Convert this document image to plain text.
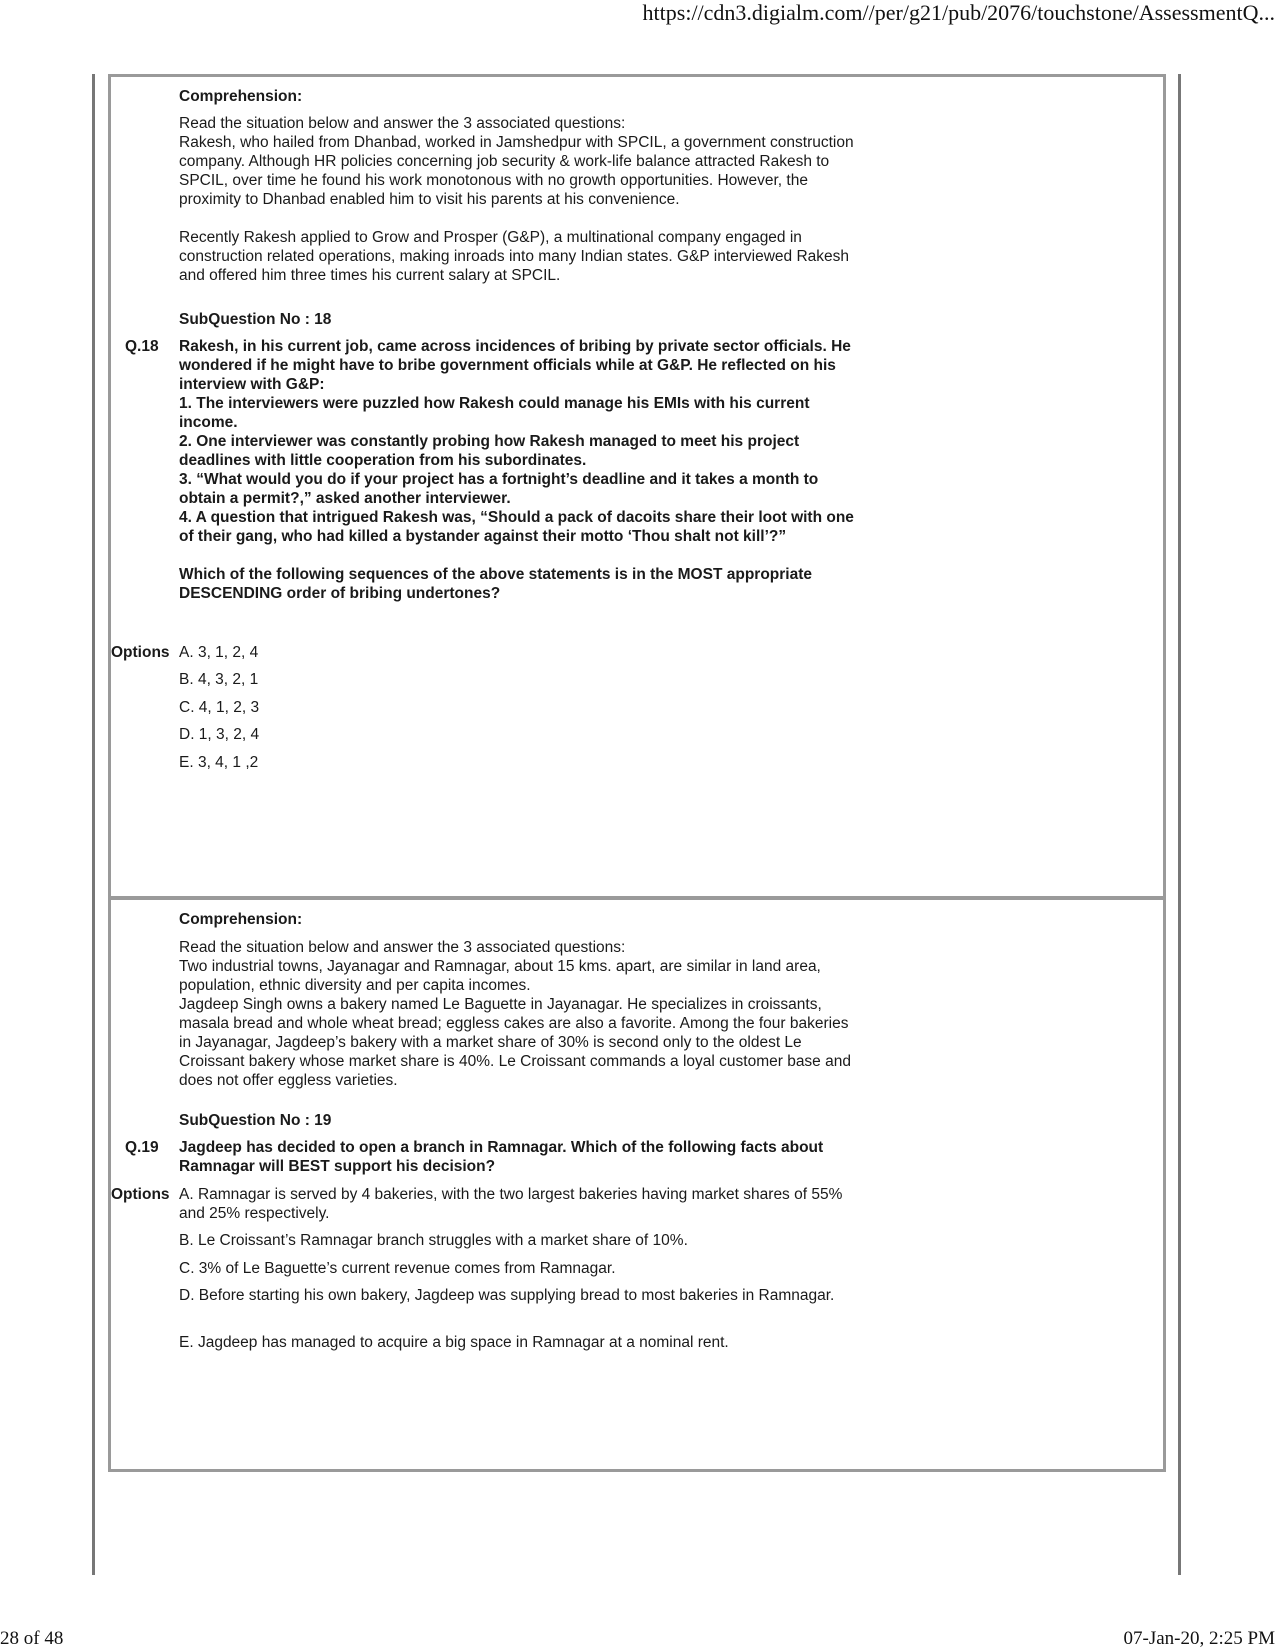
https://cdn3.digialm.com//per/g21/pub/2076/touchstone/AssessmentQ...
Comprehension:

Read the situation below and answer the 3 associated questions:

Rakesh, who hailed from Dhanbad, worked in Jamshedpur with SPCIL, a government construction company. Although HR policies concerning job security & work-life balance attracted Rakesh to SPCIL, over time he found his work monotonous with no growth opportunities. However, the proximity to Dhanbad enabled him to visit his parents at his convenience.

Recently Rakesh applied to Grow and Prosper (G&P), a multinational company engaged in construction related operations, making inroads into many Indian states. G&P interviewed Rakesh and offered him three times his current salary at SPCIL.

SubQuestion No : 18
Q.18 Rakesh, in his current job, came across incidences of bribing by private sector officials. He wondered if he might have to bribe government officials while at G&P. He reflected on his interview with G&P:
1. The interviewers were puzzled how Rakesh could manage his EMIs with his current income.
2. One interviewer was constantly probing how Rakesh managed to meet his project deadlines with little cooperation from his subordinates.
3. “What would you do if your project has a fortnight’s deadline and it takes a month to obtain a permit?,” asked another interviewer.
4. A question that intrigued Rakesh was, “Should a pack of dacoits share their loot with one of their gang, who had killed a bystander against their motto ‘Thou shalt not kill’?”
Which of the following sequences of the above statements is in the MOST appropriate DESCENDING order of bribing undertones?
Options A. 3, 1, 2, 4
B. 4, 3, 2, 1
C. 4, 1, 2, 3
D. 1, 3, 2, 4
E. 3, 4, 1 ,2
Comprehension:

Read the situation below and answer the 3 associated questions:

Two industrial towns, Jayanagar and Ramnagar, about 15 kms. apart, are similar in land area, population, ethnic diversity and per capita incomes.

Jagdeep Singh owns a bakery named Le Baguette in Jayanagar. He specializes in croissants, masala bread and whole wheat bread; eggless cakes are also a favorite. Among the four bakeries in Jayanagar, Jagdeep’s bakery with a market share of 30% is second only to the oldest Le Croissant bakery whose market share is 40%. Le Croissant commands a loyal customer base and does not offer eggless varieties.

SubQuestion No : 19
Q.19 Jagdeep has decided to open a branch in Ramnagar. Which of the following facts about Ramnagar will BEST support his decision?
Options A. Ramnagar is served by 4 bakeries, with the two largest bakeries having market shares of 55% and 25% respectively.
B. Le Croissant’s Ramnagar branch struggles with a market share of 10%.
C. 3% of Le Baguette’s current revenue comes from Ramnagar.
D. Before starting his own bakery, Jagdeep was supplying bread to most bakeries in Ramnagar.
E. Jagdeep has managed to acquire a big space in Ramnagar at a nominal rent.
28 of 48	07-Jan-20, 2:25 PM
